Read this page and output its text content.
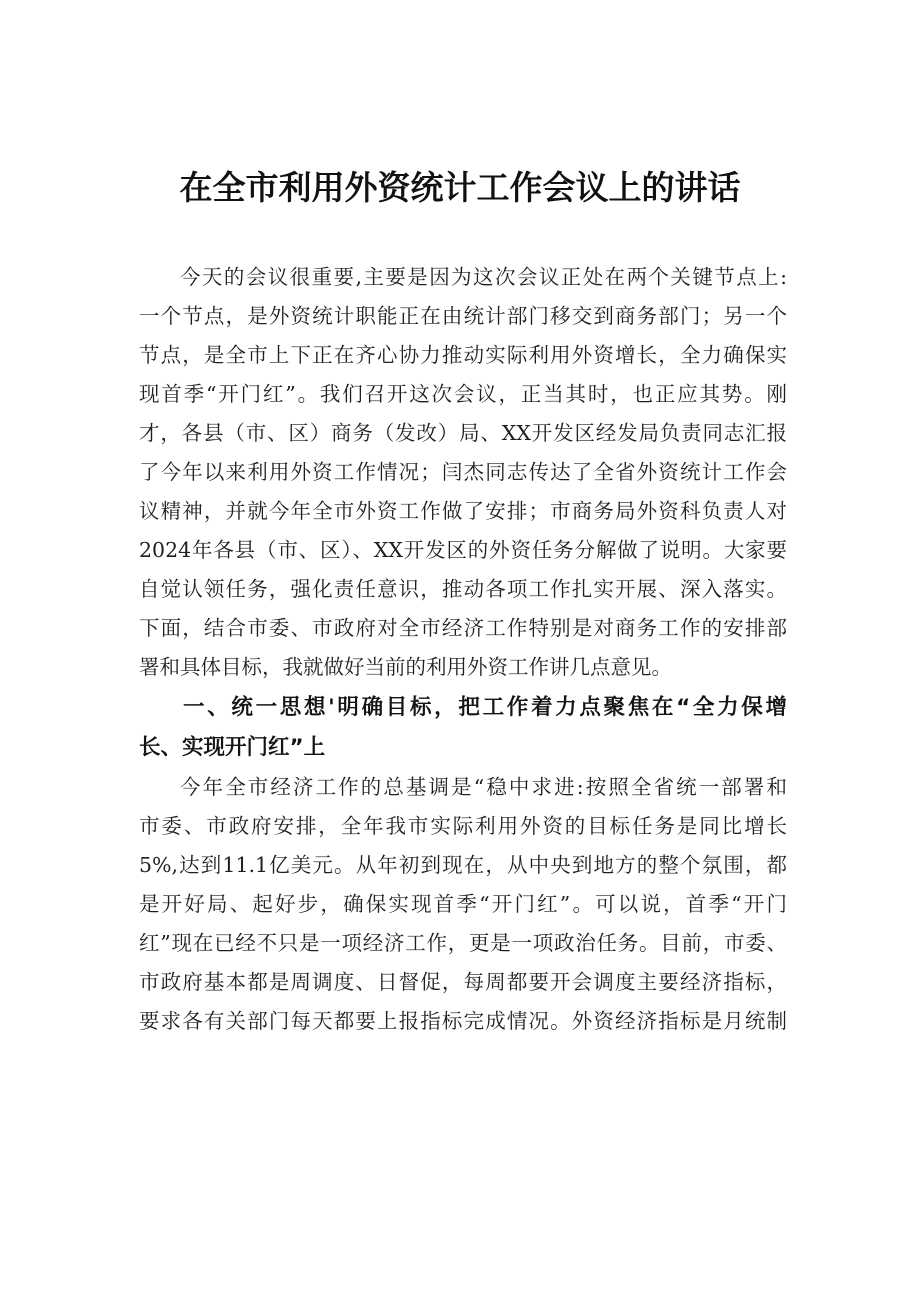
在全市利用外资统计工作会议上的讲话
今天的会议很重要,主要是因为这次会议正处在两个关键节点上:
一个节点，是外资统计职能正在由统计部门移交到商务部门；另一个
节点，是全市上下正在齐心协力推动实际利用外资增长，全力确保实
现首季“开门红”。我们召开这次会议，正当其时，也正应其势。刚
才，各县（市、区）商务（发改）局、XX开发区经发局负责同志汇报
了今年以来利用外资工作情况；闫杰同志传达了全省外资统计工作会
议精神，并就今年全市外资工作做了安排；市商务局外资科负责人对
2024年各县（市、区）、XX开发区的外资任务分解做了说明。大家要
自觉认领任务，强化责任意识，推动各项工作扎实开展、深入落实。
下面，结合市委、市政府对全市经济工作特别是对商务工作的安排部
署和具体目标，我就做好当前的利用外资工作讲几点意见。
一、统一思想'明确目标，把工作着力点聚焦在“全力保增
长、实现开门红”上
今年全市经济工作的总基调是“稳中求进:按照全省统一部署和
市委、市政府安排，全年我市实际利用外资的目标任务是同比增长
5%,达到11.1亿美元。从年初到现在，从中央到地方的整个氛围，都
是开好局、起好步，确保实现首季“开门红”。可以说，首季“开门
红”现在已经不只是一项经济工作，更是一项政治任务。目前，市委、
市政府基本都是周调度、日督促，每周都要开会调度主要经济指标，
要求各有关部门每天都要上报指标完成情况。外资经济指标是月统制
